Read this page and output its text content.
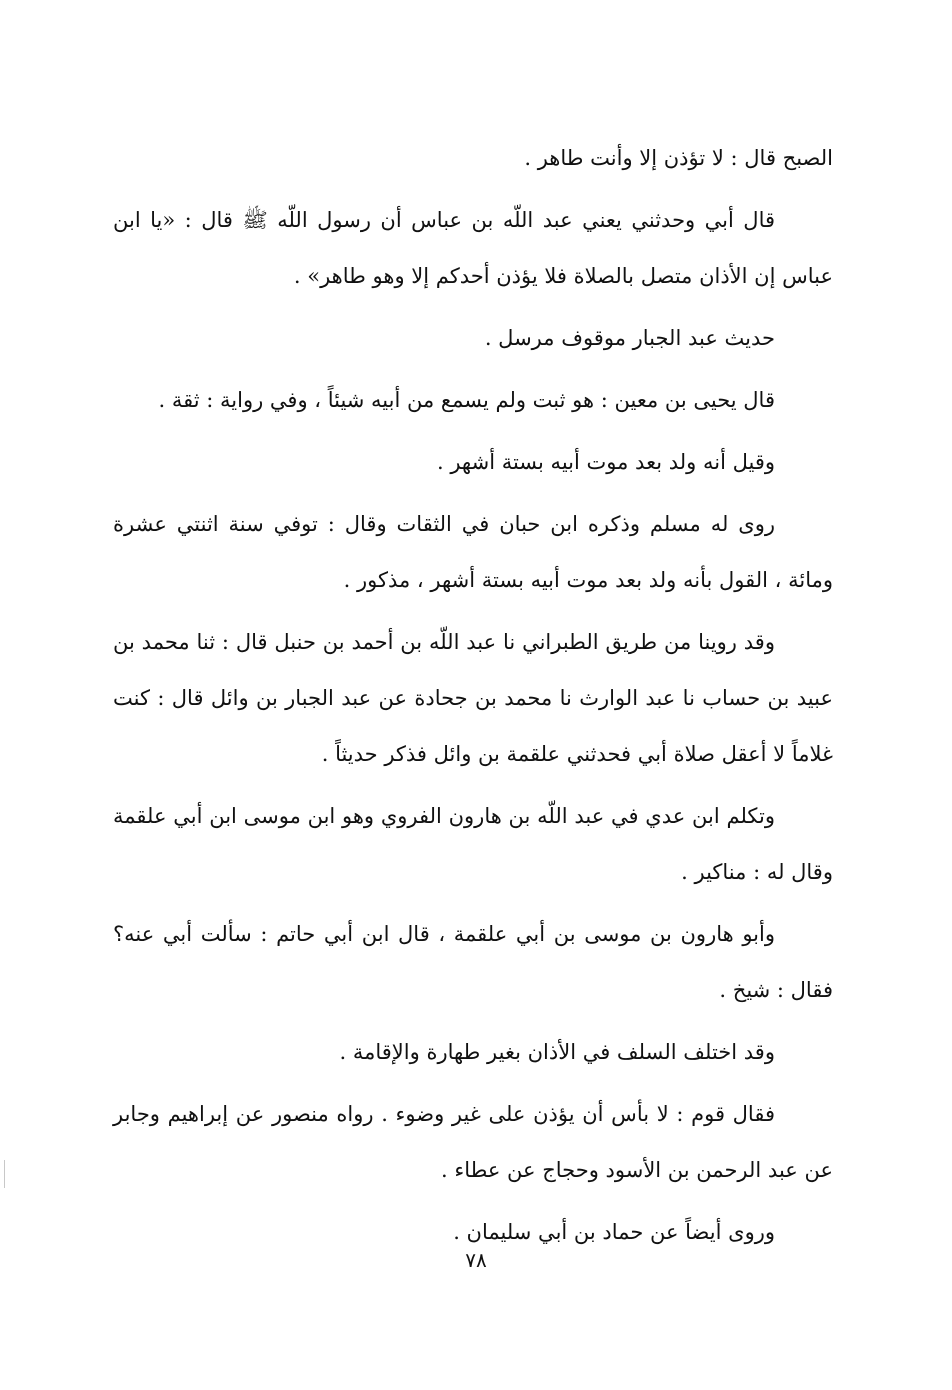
الصبح قال : لا تؤذن إلا وأنت طاهر .

قال أبي وحدثني يعني عبد اللّه بن عباس أن رسول اللّه ﷺ قال : «يا ابن عباس إن الأذان متصل بالصلاة فلا يؤذن أحدكم إلا وهو طاهر» .

حديث عبد الجبار موقوف مرسل .

قال يحيى بن معين : هو ثبت ولم يسمع من أبيه شيئاً ، وفي رواية : ثقة .

وقيل أنه ولد بعد موت أبيه بستة أشهر .

روى له مسلم وذكره ابن حبان في الثقات وقال : توفي سنة اثنتي عشرة ومائة ، القول بأنه ولد بعد موت أبيه بستة أشهر ، مذكور .

وقد روينا من طريق الطبراني نا عبد اللّه بن أحمد بن حنبل قال : ثنا محمد بن عبيد بن حساب نا عبد الوارث نا محمد بن جحادة عن عبد الجبار بن وائل قال : كنت غلاماً لا أعقل صلاة أبي فحدثني علقمة بن وائل فذكر حديثاً .

وتكلم ابن عدي في عبد اللّه بن هارون الفروي وهو ابن موسى ابن أبي علقمة وقال له : مناكير .

وأبو هارون بن موسى بن أبي علقمة ، قال ابن أبي حاتم : سألت أبي عنه؟ فقال : شيخ .

وقد اختلف السلف في الأذان بغير طهارة والإقامة .

فقال قوم : لا بأس أن يؤذن على غير وضوء . رواه منصور عن إبراهيم وجابر عن عبد الرحمن بن الأسود وحجاج عن عطاء .

وروى أيضاً عن حماد بن أبي سليمان .

٧٨
